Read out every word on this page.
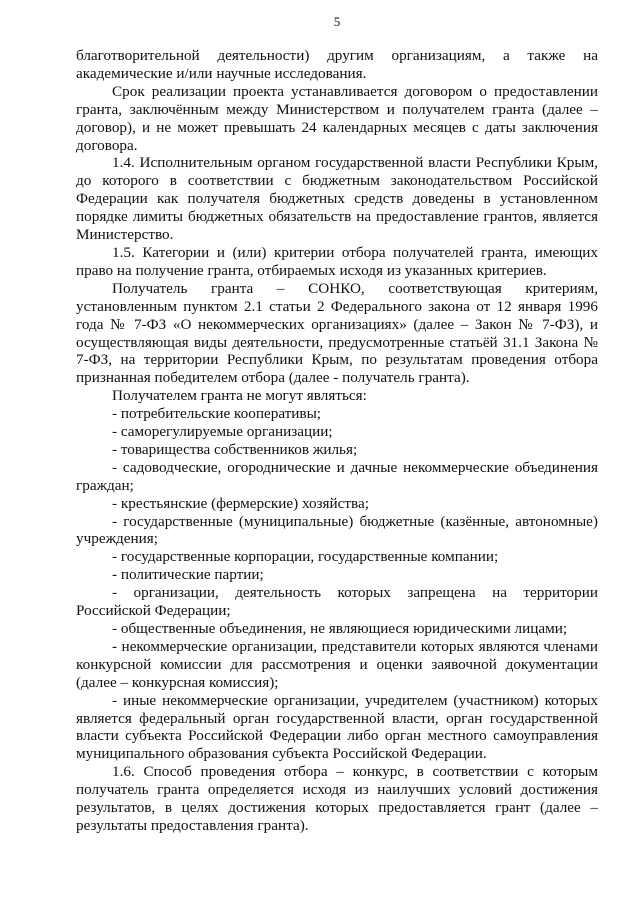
5

благотворительной деятельности) другим организациям, а также на академические и/или научные исследования.

Срок реализации проекта устанавливается договором о предоставлении гранта, заключённым между Министерством и получателем гранта (далее – договор), и не может превышать 24 календарных месяцев с даты заключения договора.

1.4. Исполнительным органом государственной власти Республики Крым, до которого в соответствии с бюджетным законодательством Российской Федерации как получателя бюджетных средств доведены в установленном порядке лимиты бюджетных обязательств на предоставление грантов, является Министерство.

1.5. Категории и (или) критерии отбора получателей гранта, имеющих право на получение гранта, отбираемых исходя из указанных критериев.

Получатель гранта – СОНКО, соответствующая критериям, установленным пунктом 2.1 статьи 2 Федерального закона от 12 января 1996 года № 7-ФЗ «О некоммерческих организациях» (далее – Закон № 7-ФЗ), и осуществляющая виды деятельности, предусмотренные статьёй 31.1 Закона № 7-ФЗ, на территории Республики Крым, по результатам проведения отбора признанная победителем отбора (далее - получатель гранта).

Получателем гранта не могут являться:

- потребительские кооперативы;

- саморегулируемые организации;

- товарищества собственников жилья;

- садоводческие, огороднические и дачные некоммерческие объединения граждан;

- крестьянские (фермерские) хозяйства;

- государственные (муниципальные) бюджетные (казённые, автономные) учреждения;

- государственные корпорации, государственные компании;

- политические партии;

- организации, деятельность которых запрещена на территории Российской Федерации;

- общественные объединения, не являющиеся юридическими лицами;

- некоммерческие организации, представители которых являются членами конкурсной комиссии для рассмотрения и оценки заявочной документации (далее – конкурсная комиссия);

- иные некоммерческие организации, учредителем (участником) которых является федеральный орган государственной власти, орган государственной власти субъекта Российской Федерации либо орган местного самоуправления муниципального образования субъекта Российской Федерации.

1.6. Способ проведения отбора – конкурс, в соответствии с которым получатель гранта определяется исходя из наилучших условий достижения результатов, в целях достижения которых предоставляется грант (далее – результаты предоставления гранта).
